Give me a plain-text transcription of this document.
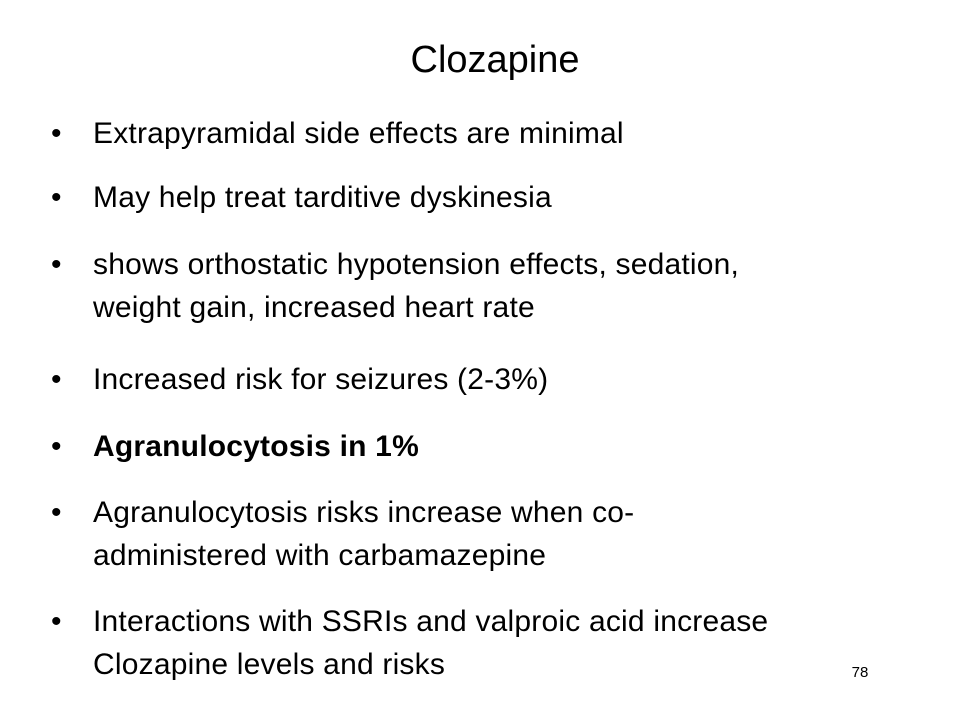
Clozapine
• Extrapyramidal side effects are minimal
• May help treat tarditive dyskinesia
• shows orthostatic hypotension effects, sedation,
weight gain, increased heart rate
• Increased risk for seizures (2-3%)
• Agranulocytosis in 1%
• Agranulocytosis risks increase when co-
administered with carbamazepine
• Interactions with SSRIs and valproic acid increase
Clozapine levels and risks	78
